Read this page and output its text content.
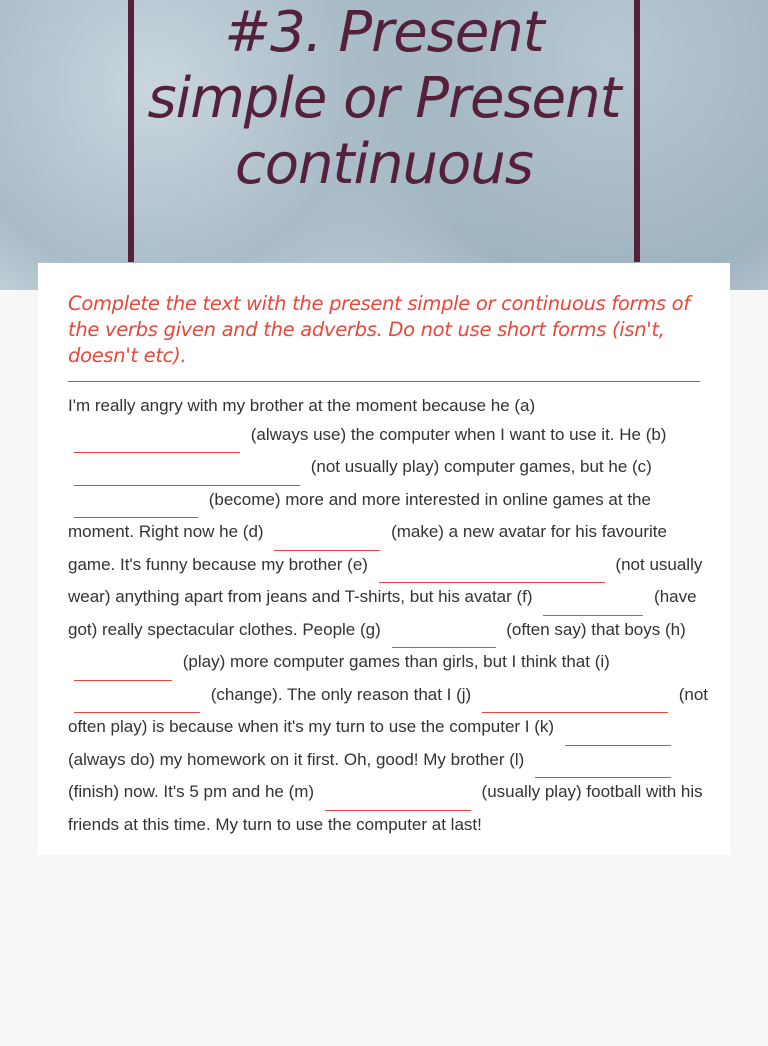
#3. Present simple or Present continuous

Complete the text with the present simple or continuous forms of the verbs given and the adverbs. Do not use short forms (isn't, doesn't etc).

I'm really angry with my brother at the moment because he (a)  (always use) the computer when I want to use it. He (b)  (not usually play) computer games, but he (c)  (become) more and more interested in online games at the moment. Right now he (d)	(make) a new avatar for his favourite game. It's funny because my brother (e)	(not usually wear) anything apart from jeans and T-shirts, but his avatar (f)	(have got) really spectacular clothes. People (g)	(often say) that boys (h)  (play) more computer games than girls, but I think that (i)  (change). The only reason that I (j)	(not often play) is because when it's my turn to use the computer I (k)  (always do) my homework on it first. Oh, good! My brother (l)  (finish) now. It's 5 pm and he (m)	(usually play) football with his friends at this time. My turn to use the computer at last!
